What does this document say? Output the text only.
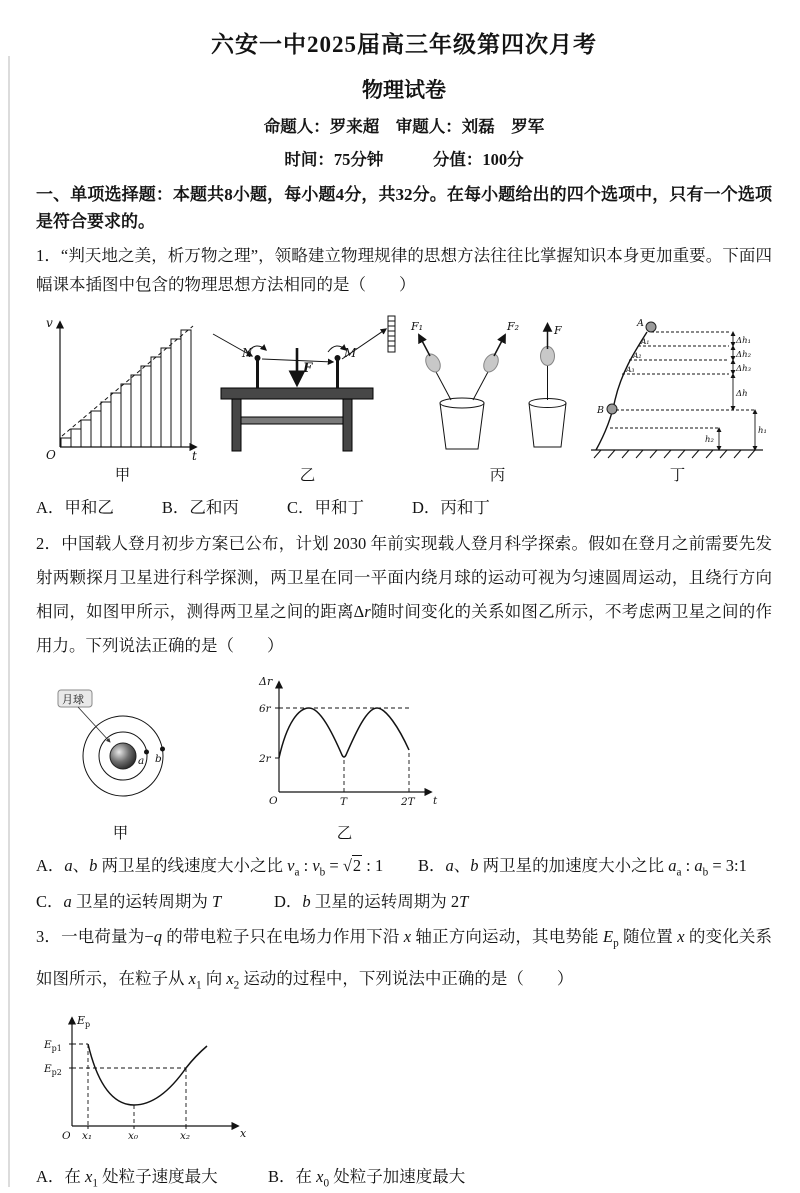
六安一中2025届高三年级第四次月考
物理试卷
命题人：罗来超　审题人：刘磊　罗军
时间：75分钟　　　分值：100分
一、单项选择题：本题共8小题，每小题4分，共32分。在每小题给出的四个选项中，只有一个选项是符合要求的。

1．“判天地之美，析万物之理”，领略建立物理规律的思想方法往往比掌握知识本身更加重要。下面四幅课本插图中包含的物理思想方法相同的是（　　）

v
t
O
甲
N	M
F
乙
F₁	F₂	F
丙
A
B
A₁
A₂
A₃
Δh₁
Δh₂
Δh₃
Δh
h₁
h₂
丁
A．甲和乙	B．乙和丙	C．甲和丁	D．丙和丁

2．中国载人登月初步方案已公布，计划 2030 年前实现载人登月科学探索。假如在登月之前需要先发射两颗探月卫星进行科学探测，两卫星在同一平面内绕月球的运动可视为匀速圆周运动，且绕行方向相同，如图甲所示，测得两卫星之间的距离Δr随时间变化的关系如图乙所示，不考虑两卫星之间的作用力。下列说法正确的是（　　）

月球
a b
甲
Δr
6r
2r
O	T	2T t
乙
A．a、b 两卫星的线速度大小之比 $v_a$ : $v_b = √2$ : 1	B．a、b 两卫星的加速度大小之比 $a_a$ : $a_b$ = 3:1
C．a 卫星的运转周期为 T	D．b 卫星的运转周期为 2T

3．一电荷量为−q 的带电粒子只在电场力作用下沿 x 轴正方向运动，其电势能 $E_p$ 随位置 x 的变化关系如图所示，在粒子从 $x_1$ 向 $x_2$ 运动的过程中，下列说法中正确的是（　　）

$E_p$
$E_{p1}$
$E_{p2}$
O x₁	x₀	x₂	x
A．在 $x_1$ 处粒子速度最大	B．在 $x_0$ 处粒子加速度最大
